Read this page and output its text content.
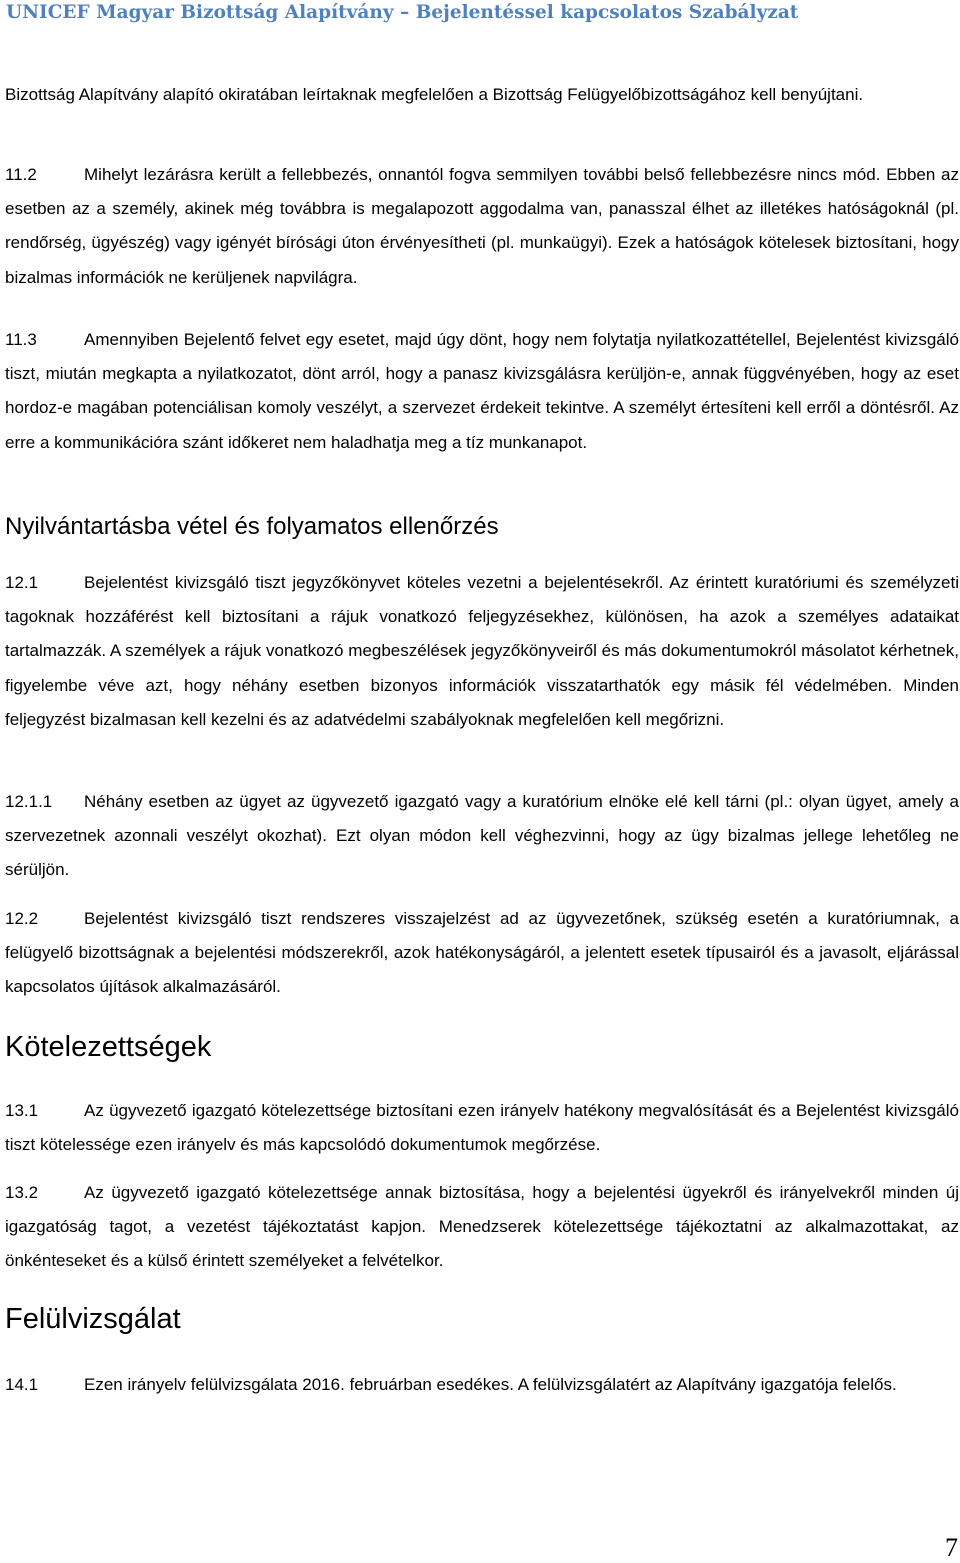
UNICEF Magyar Bizottság Alapítvány – Bejelentéssel kapcsolatos Szabályzat

Bizottság Alapítvány alapító okiratában leírtaknak megfelelően a Bizottság Felügyelőbizottságához kell benyújtani.

11.2	Mihelyt lezárásra került a fellebbezés, onnantól fogva semmilyen további belső fellebbezésre nincs mód. Ebben az esetben az a személy, akinek még továbbra is megalapozott aggodalma van, panasszal élhet az illetékes hatóságoknál (pl. rendőrség, ügyészég) vagy igényét bírósági úton érvényesítheti (pl. munkaügyi). Ezek a hatóságok kötelesek biztosítani, hogy bizalmas információk ne kerüljenek napvilágra.

11.3	Amennyiben Bejelentő felvet egy esetet, majd úgy dönt, hogy nem folytatja nyilatkozattétellel, Bejelentést kivizsgáló tiszt, miután megkapta a nyilatkozatot, dönt arról, hogy a panasz kivizsgálásra kerüljön-e, annak függvényében, hogy az eset hordoz-e magában potenciálisan komoly veszélyt, a szervezet érdekeit tekintve. A személyt értesíteni kell erről a döntésről. Az erre a kommunikációra szánt időkeret nem haladhatja meg a tíz munkanapot.

Nyilvántartásba vétel és folyamatos ellenőrzés

12.1	Bejelentést kivizsgáló tiszt jegyzőkönyvet köteles vezetni a bejelentésekről. Az érintett kuratóriumi és személyzeti tagoknak hozzáférést kell biztosítani a rájuk vonatkozó feljegyzésekhez, különösen, ha azok a személyes adataikat tartalmazzák. A személyek a rájuk vonatkozó megbeszélések jegyzőkönyveiről és más dokumentumokról másolatot kérhetnek, figyelembe véve azt, hogy néhány esetben bizonyos információk visszatarthatók egy másik fél védelmében. Minden feljegyzést bizalmasan kell kezelni és az adatvédelmi szabályoknak megfelelően kell megőrizni.

12.1.1 Néhány esetben az ügyet az ügyvezető igazgató vagy a kuratórium elnöke elé kell tárni (pl.: olyan ügyet, amely a szervezetnek azonnali veszélyt okozhat). Ezt olyan módon kell véghezvinni, hogy az ügy bizalmas jellege lehetőleg ne sérüljön.

12.2	Bejelentést kivizsgáló tiszt rendszeres visszajelzést ad az ügyvezetőnek, szükség esetén a kuratóriumnak, a felügyelő bizottságnak a bejelentési módszerekről, azok hatékonyságáról, a jelentett esetek típusairól és a javasolt, eljárással kapcsolatos újítások alkalmazásáról.

Kötelezettségek

13.1	Az ügyvezető igazgató kötelezettsége biztosítani ezen irányelv hatékony megvalósítását és a Bejelentést kivizsgáló tiszt kötelessége ezen irányelv és más kapcsolódó dokumentumok megőrzése.

13.2	Az ügyvezető igazgató kötelezettsége annak biztosítása, hogy a bejelentési ügyekről és irányelvekről minden új igazgatóság tagot, a vezetést tájékoztatást kapjon. Menedzserek kötelezettsége tájékoztatni az alkalmazottakat, az önkénteseket és a külső érintett személyeket a felvételkor.

Felülvizsgálat

14.1	Ezen irányelv felülvizsgálata 2016. februárban esedékes. A felülvizsgálatért az Alapítvány igazgatója felelős.

7
